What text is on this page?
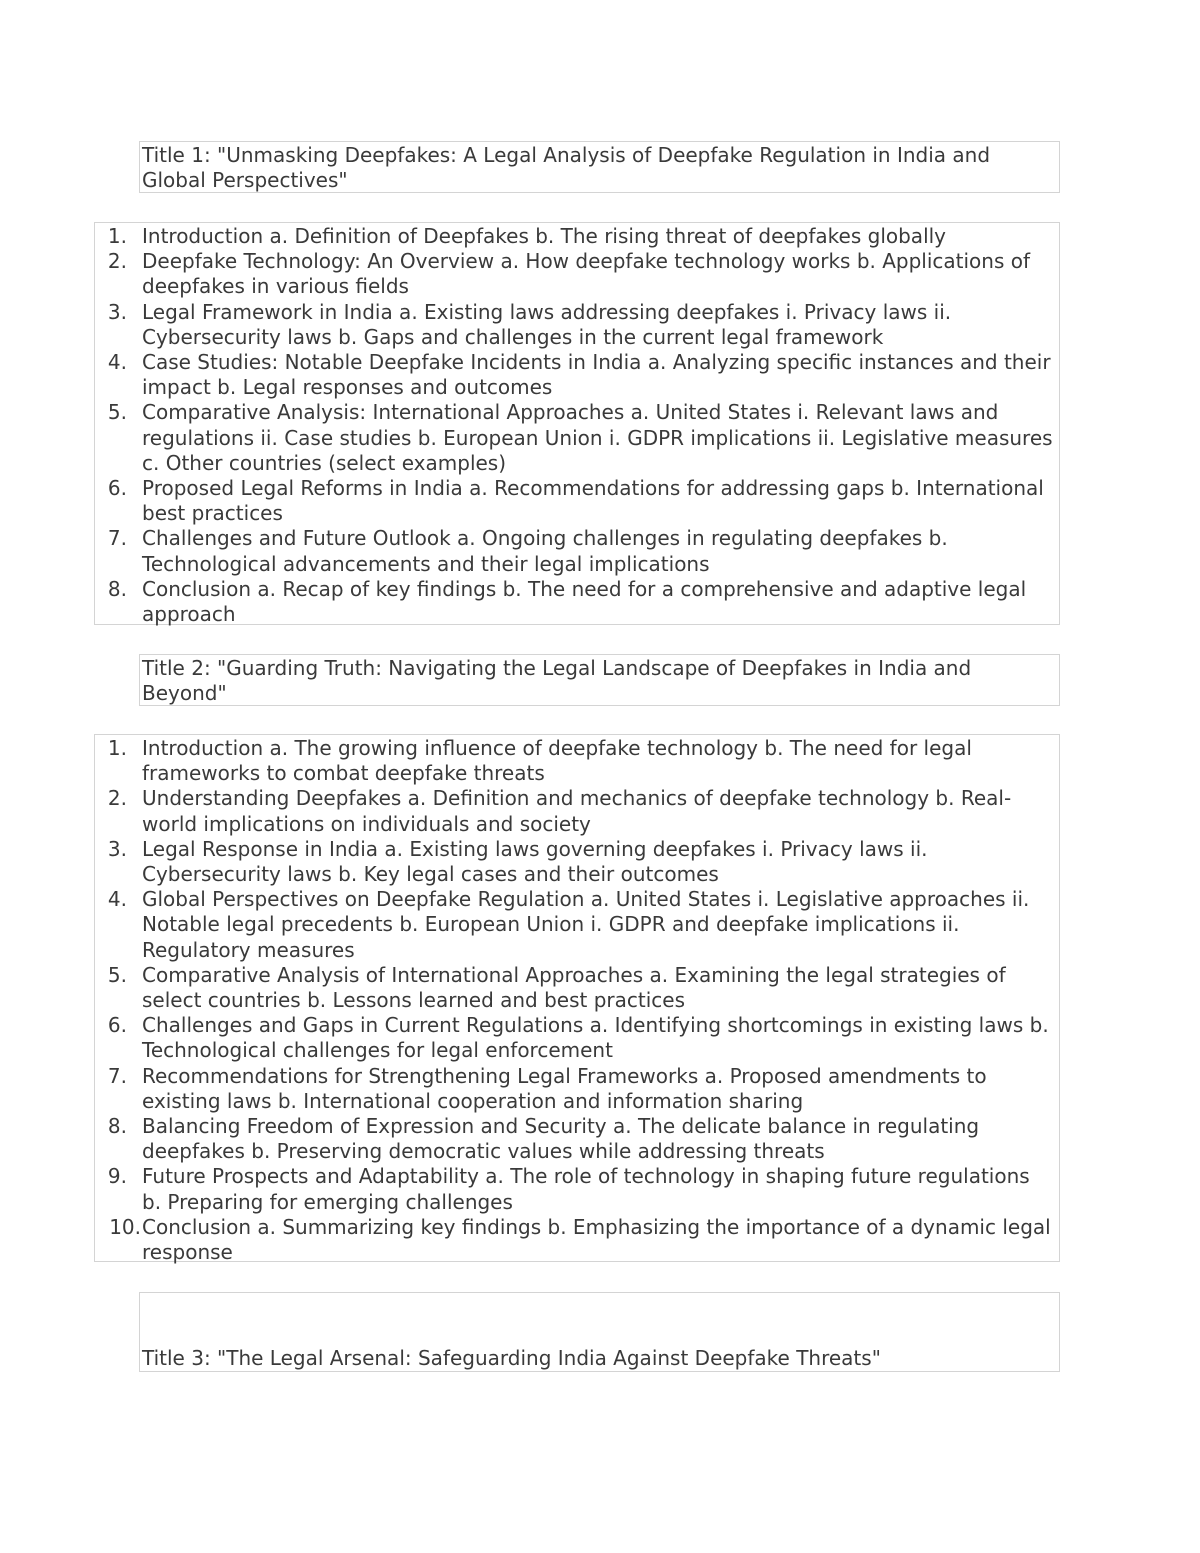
Title 1: "Unmasking Deepfakes: A Legal Analysis of Deepfake Regulation in India and Global Perspectives"
1. Introduction a. Definition of Deepfakes b. The rising threat of deepfakes globally
2. Deepfake Technology: An Overview a. How deepfake technology works b. Applications of deepfakes in various fields
3. Legal Framework in India a. Existing laws addressing deepfakes i. Privacy laws ii. Cybersecurity laws b. Gaps and challenges in the current legal framework
4. Case Studies: Notable Deepfake Incidents in India a. Analyzing specific instances and their impact b. Legal responses and outcomes
5. Comparative Analysis: International Approaches a. United States i. Relevant laws and regulations ii. Case studies b. European Union i. GDPR implications ii. Legislative measures c. Other countries (select examples)
6. Proposed Legal Reforms in India a. Recommendations for addressing gaps b. International best practices
7. Challenges and Future Outlook a. Ongoing challenges in regulating deepfakes b. Technological advancements and their legal implications
8. Conclusion a. Recap of key findings b. The need for a comprehensive and adaptive legal approach
Title 2: "Guarding Truth: Navigating the Legal Landscape of Deepfakes in India and Beyond"
1. Introduction a. The growing influence of deepfake technology b. The need for legal frameworks to combat deepfake threats
2. Understanding Deepfakes a. Definition and mechanics of deepfake technology b. Real-world implications on individuals and society
3. Legal Response in India a. Existing laws governing deepfakes i. Privacy laws ii. Cybersecurity laws b. Key legal cases and their outcomes
4. Global Perspectives on Deepfake Regulation a. United States i. Legislative approaches ii. Notable legal precedents b. European Union i. GDPR and deepfake implications ii. Regulatory measures
5. Comparative Analysis of International Approaches a. Examining the legal strategies of select countries b. Lessons learned and best practices
6. Challenges and Gaps in Current Regulations a. Identifying shortcomings in existing laws b. Technological challenges for legal enforcement
7. Recommendations for Strengthening Legal Frameworks a. Proposed amendments to existing laws b. International cooperation and information sharing
8. Balancing Freedom of Expression and Security a. The delicate balance in regulating deepfakes b. Preserving democratic values while addressing threats
9. Future Prospects and Adaptability a. The role of technology in shaping future regulations b. Preparing for emerging challenges
10. Conclusion a. Summarizing key findings b. Emphasizing the importance of a dynamic legal response
Title 3: "The Legal Arsenal: Safeguarding India Against Deepfake Threats"
